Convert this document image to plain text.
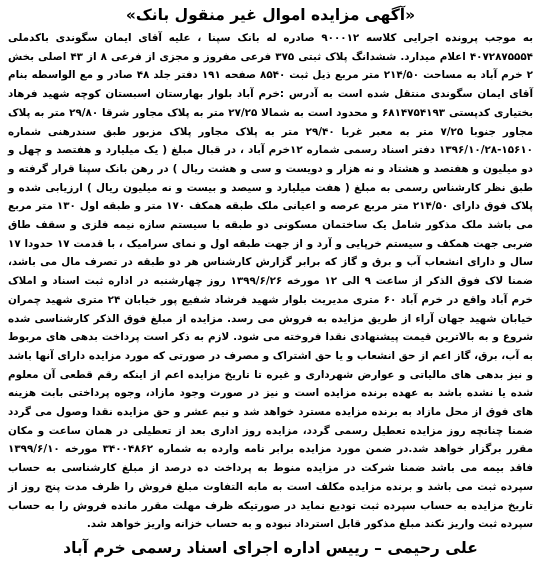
«آگهی مزایده اموال غیر منقول بانک»

به موجب پرونده اجرایی کلاسه ۹۰۰۰۱۲ صادره له بانک سپنا ، علیه آقای ایمان سگوندی باکدملی ۴۰۷۲۸۷۵۵۵۴ اعلام میدارد. ششدانگ پلاک ثبتی ۳۷۵ فرعی مفروز و مجزی از فرعی ۸ از ۴۳ اصلی بخش ۲ خرم آباد به مساحت ۲۱۴/۵۰ متر مربع ذیل ثبت ۸۵۴۰ صفحه ۱۹۱ دفتر جلد ۴۸ صادر و مع الواسطه بنام آقای ایمان سگوندی منتقل شده است به آدرس :خرم آباد بلوار بهارستان اسبستان کوچه شهید فرهاد بختیاری کدپستی ۶۸۱۴۷۵۴۱۹۳ و محدود است به شمالا ۲۷/۲۵ متر به پلاک مجاور شرقا ۲۹/۸۰ متر به پلاک مجاور جنوبا ۷/۲۵ متر به معبر غربا ۲۹/۴۰ متر به پلاک مجاور پلاک مزبور طبق سندرهنی شماره ۱۵۶۱۰-۱۳۹۶/۱۰/۲۸ دفتر اسناد رسمی شماره ۱۲خرم آباد ، در قبال مبلغ ( یک میلیارد و هفتصد و چهل و دو میلیون و هفتصد و هشتاد و نه هزار و دویست و سی و هشت ریال ) در رهن بانک سپنا قرار گرفته و طبق نظر کارشناس رسمی به مبلغ ( هفت میلیارد و سیصد و بیست و نه میلیون ریال ) ارزیابی شده و پلاک فوق دارای ۲۱۴/۵۰ متر مربع عرصه و اعیانی ملک طبقه همکف ۱۷۰ متر و طبقه اول ۱۳۰ متر مربع می باشد ملک مذکور شامل یک ساختمان مسکونی دو طبقه با سیستم سازه نیمه فلزی و سقف طاق ضربی جهت همکف و سیستم خرپایی و آرد و از جهت طبقه اول و نمای سرامیک ، با قدمت ۱۷ حدودا ۱۷ سال و دارای انشعاب آب و برق و گاز که برابر گزارش کارشناس هر دو طبقه در تصرف مال می باشد، ضمنا لاک فوق الذکر از ساعت ۹ الی ۱۲ مورخه ۱۳۹۹/۶/۲۶ روز چهارشنبه در اداره ثبت اسناد و املاک خرم آباد واقع در خرم آباد ۶۰ متری مدیریت بلوار شهید فرشاد شفیع پور خیابان ۲۴ متری شهید چمران خیابان شهید جهان آراء از طریق مزایده به فروش می رسد. مزایده از مبلغ فوق الذکر کارشناسی شده شروع و به بالاترین قیمت پیشنهادی نقدا فروخته می شود. لازم به ذکر است پرداخت بدهی های مربوط به آب، برق، گاز اعم از حق انشعاب و یا حق اشتراک و مصرف در صورتی که مورد مزایده دارای آنها باشد و نیز بدهی های مالیاتی و عوارض شهرداری و غیره تا تاریخ مزایده اعم از اینکه رقم قطعی آن معلوم شده یا نشده باشد به عهده برنده مزایده است و نیز در صورت وجود مازاد، وجوه پرداختی بابت هزینه های فوق از محل مازاد به برنده مزایده مسترد خواهد شد و نیم عشر و حق مزایده نقدا وصول می گردد ضمنا چنانچه روز مزایده تعطیل رسمی گردد، مزایده روز اداری بعد از تعطیلی در همان ساعت و مکان مقرر برگزار خواهد شد.در ضمن مورد مزایده برابر نامه وارده به شماره ۳۴۰۰۴۸۶۲ مورخه ۱۳۹۹/۶/۱۰ فاقد بیمه می باشد ضمنا شرکت در مزایده منوط به پرداخت ده درصد از مبلغ کارشناسی به حساب سپرده ثبت می باشد و برنده مزایده مکلف است به مابه التفاوت مبلغ فروش را ظرف مدت پنج روز از تاریخ مزایده به حساب سپرده ثبت تودیع نماید در صورتیکه ظرف مهلت مقرر مانده فروش را به حساب سپرده ثبت واریز نکند مبلغ مذکور قابل استرداد نبوده و به حساب خزانه واریز خواهد شد.

علی رحیمی – رییس اداره اجرای اسناد رسمی خرم آباد
